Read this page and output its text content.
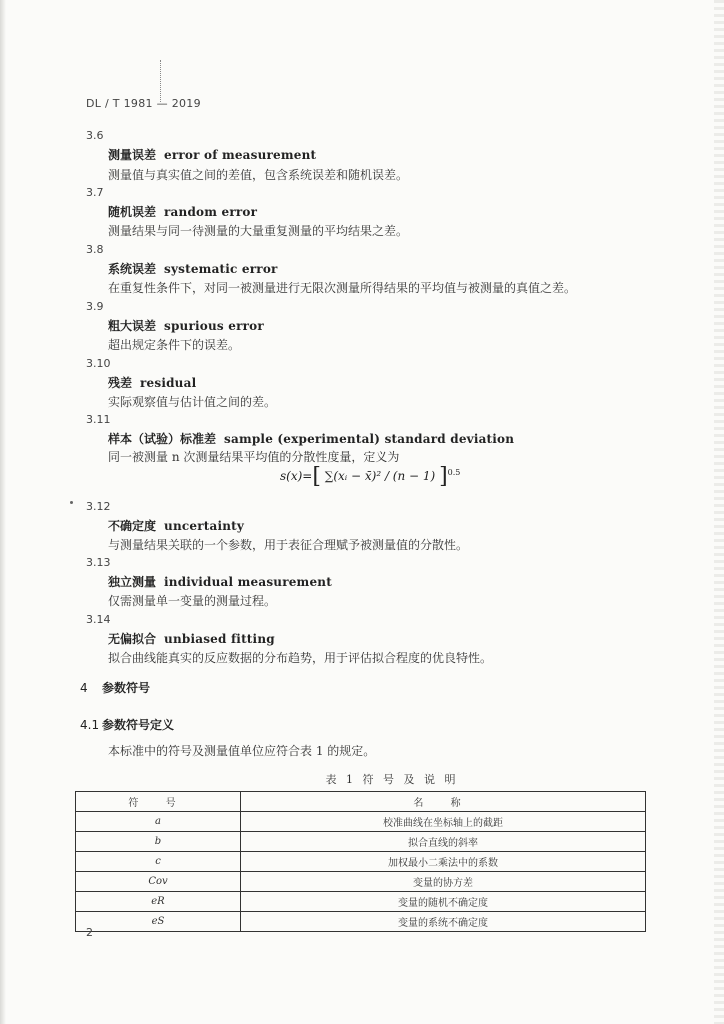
DL / T 1981 — 2019
3.6
测量误差 error of measurement
测量值与真实值之间的差值，包含系统误差和随机误差。
3.7
随机误差 random error
测量结果与同一待测量的大量重复测量的平均结果之差。
3.8
系统误差 systematic error
在重复性条件下，对同一被测量进行无限次测量所得结果的平均值与被测量的真值之差。
3.9
粗大误差 spurious error
超出规定条件下的误差。
3.10
残差 residual
实际观察值与估计值之间的差。
3.11
样本（试验）标准差 sample (experimental) standard deviation
同一被测量 n 次测量结果平均值的分散性度量，定义为
s(x)=[ ∑(xᵢ − x̄)² / (n − 1) ]$^{0.5}$
3.12
不确定度 uncertainty
与测量结果关联的一个参数，用于表征合理赋予被测量值的分散性。
3.13
独立测量 individual measurement
仅需测量单一变量的测量过程。
3.14
无偏拟合 unbiased fitting
拟合曲线能真实的反应数据的分布趋势，用于评估拟合程度的优良特性。
4 参数符号
4.1 参数符号定义
本标准中的符号及测量值单位应符合表 1 的规定。
表 1 符 号 及 说 明
符 号	名 称
a	校准曲线在坐标轴上的截距
b	拟合直线的斜率
c	加权最小二乘法中的系数
Cov	变量的协方差
eR	变量的随机不确定度
eS	变量的系统不确定度
2
